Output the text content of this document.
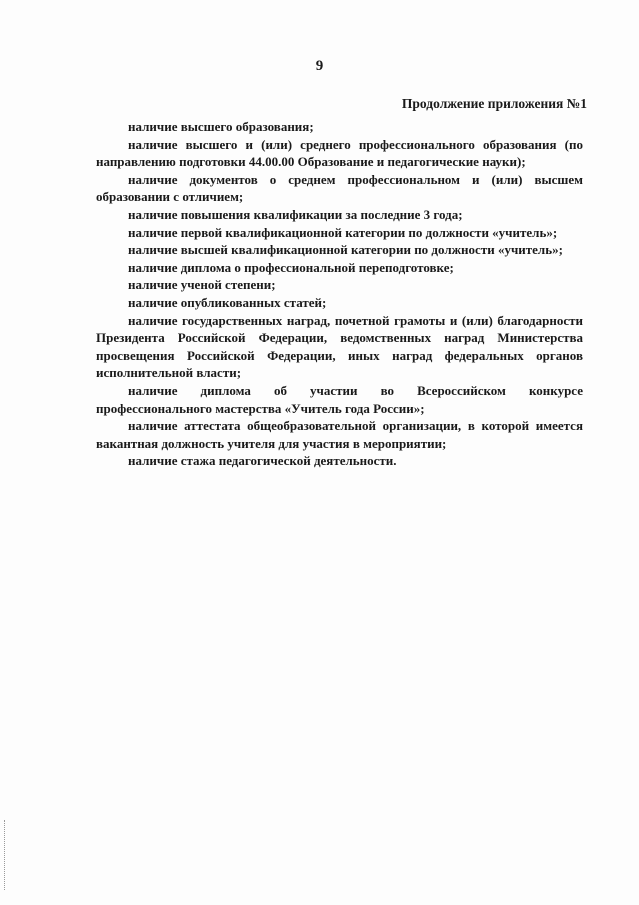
9
Продолжение приложения №1

наличие высшего образования;

наличие высшего и (или) среднего профессионального образования (по направлению подготовки 44.00.00 Образование и педагогические науки);

наличие документов о среднем профессиональном и (или) высшем образовании с отличием;

наличие повышения квалификации за последние 3 года;

наличие первой квалификационной категории по должности «учитель»;

наличие высшей квалификационной категории по должности «учитель»;

наличие диплома о профессиональной переподготовке;

наличие ученой степени;

наличие опубликованных статей;

наличие государственных наград, почетной грамоты и (или) благодарности Президента Российской Федерации, ведомственных наград Министерства просвещения Российской Федерации, иных наград федеральных органов исполнительной власти;

наличие диплома об участии во Всероссийском конкурсе профессионального мастерства «Учитель года России»;

наличие аттестата общеобразовательной организации, в которой имеется вакантная должность учителя для участия в мероприятии;

наличие стажа педагогической деятельности.
